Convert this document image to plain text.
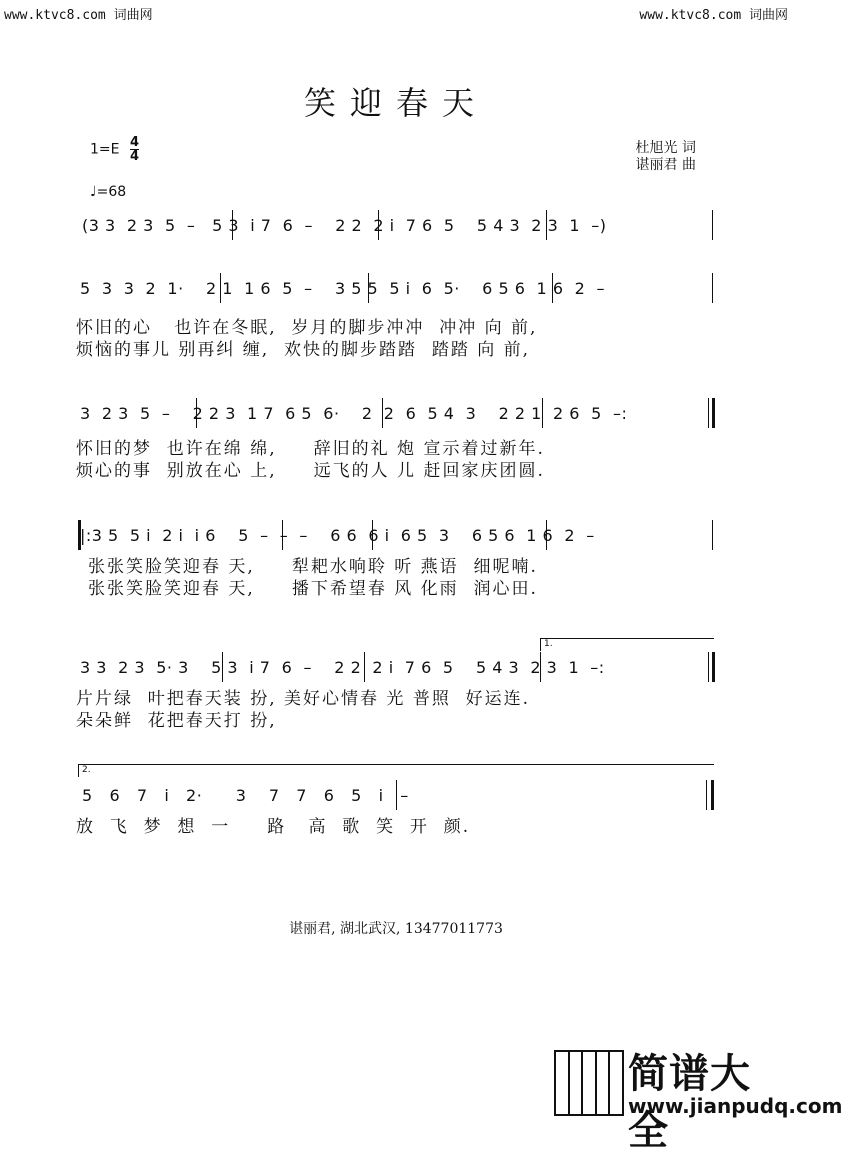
www.ktvc8.com 词曲网	www.ktvc8.com 词曲网
笑迎春天
$1=E \frac{4}{4}$	杜旭光 词
谌丽君 曲
♩=68
(3 3  2 3  5  –   5 3  i 7  6  –    2 2  2 i  7 6  5    5 4 3  2 3  1  –)
5  3  3  2  1·    2 1  1 6  5  –    3 5 5  5 i  6  5·    6 5 6  1 6  2  –
怀旧的心   也许在冬眠,  岁月的脚步冲冲  冲冲 向 前,
烦恼的事儿 别再纠 缠,  欢快的脚步踏踏  踏踏 向 前,
3  2 3  5  –    2 2 3  1 7  6 5  6·    2  2  6  5 4  3    2 2 1  2 6  5  –:
怀旧的梦  也许在绵 绵,     辞旧的礼 炮 宣示着过新年.
烦心的事  别放在心 上,     远飞的人 儿 赶回家庆团圆.
|:3 5  5 i  2 i  i 6    5  –  –  –    6 6  6 i  6 5  3    6 5 6  1 6  2  –
张张笑脸笑迎春 天,     犁耙水响聆 听 燕语  细呢喃.
张张笑脸笑迎春 天,     播下希望春 风 化雨  润心田.
1.
3 3  2 3  5· 3    5 3  i 7  6  –    2 2  2 i  7 6  5    5 4 3  2 3  1  –:
片片绿  叶把春天装 扮, 美好心情春 光 普照  好运连.
朵朵鲜  花把春天打 扮,
2.
5   6   7   i   2·      3    7   7   6   5   i   –
放  飞  梦  想  一     路   高  歌  笑  开  颜.
谌丽君, 湖北武汉, 13477011773
简谱大全
www.jianpudq.com
